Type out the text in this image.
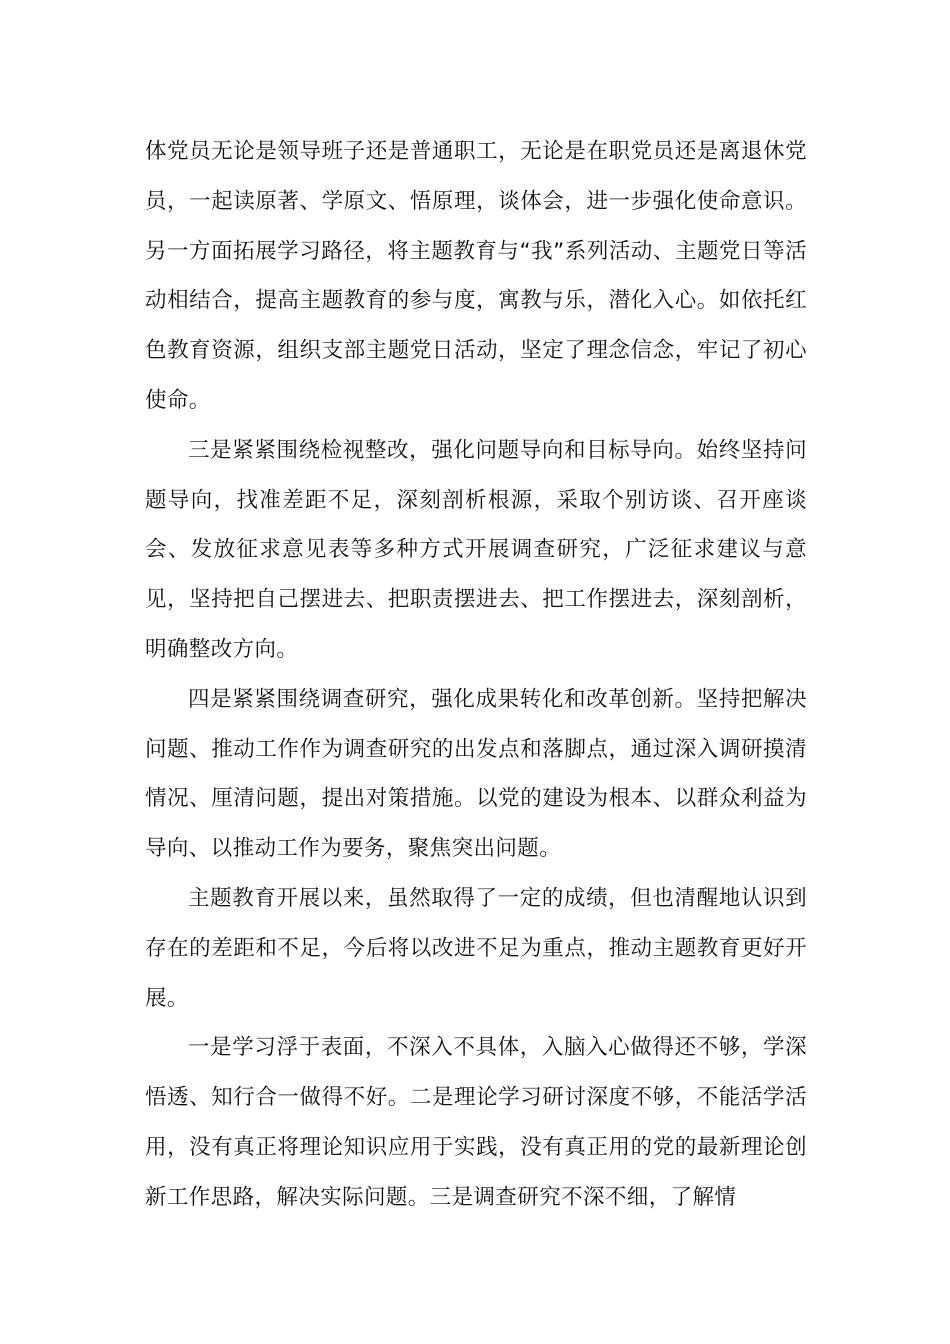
体党员无论是领导班子还是普通职工，无论是在职党员还是离退休党员，一起读原著、学原文、悟原理，谈体会，进一步强化使命意识。另一方面拓展学习路径，将主题教育与“我”系列活动、主题党日等活动相结合，提高主题教育的参与度，寓教与乐，潜化入心。如依托红色教育资源，组织支部主题党日活动，坚定了理念信念，牢记了初心使命。

三是紧紧围绕检视整改，强化问题导向和目标导向。始终坚持问题导向，找准差距不足，深刻剖析根源，采取个别访谈、召开座谈会、发放征求意见表等多种方式开展调查研究，广泛征求建议与意见，坚持把自己摆进去、把职责摆进去、把工作摆进去，深刻剖析，明确整改方向。

四是紧紧围绕调查研究，强化成果转化和改革创新。坚持把解决问题、推动工作作为调查研究的出发点和落脚点，通过深入调研摸清情况、厘清问题，提出对策措施。以党的建设为根本、以群众利益为导向、以推动工作为要务，聚焦突出问题。

主题教育开展以来，虽然取得了一定的成绩，但也清醒地认识到存在的差距和不足，今后将以改进不足为重点，推动主题教育更好开展。

一是学习浮于表面，不深入不具体，入脑入心做得还不够，学深悟透、知行合一做得不好。二是理论学习研讨深度不够，不能活学活用，没有真正将理论知识应用于实践，没有真正用的党的最新理论创新工作思路，解决实际问题。三是调查研究不深不细，了解情
